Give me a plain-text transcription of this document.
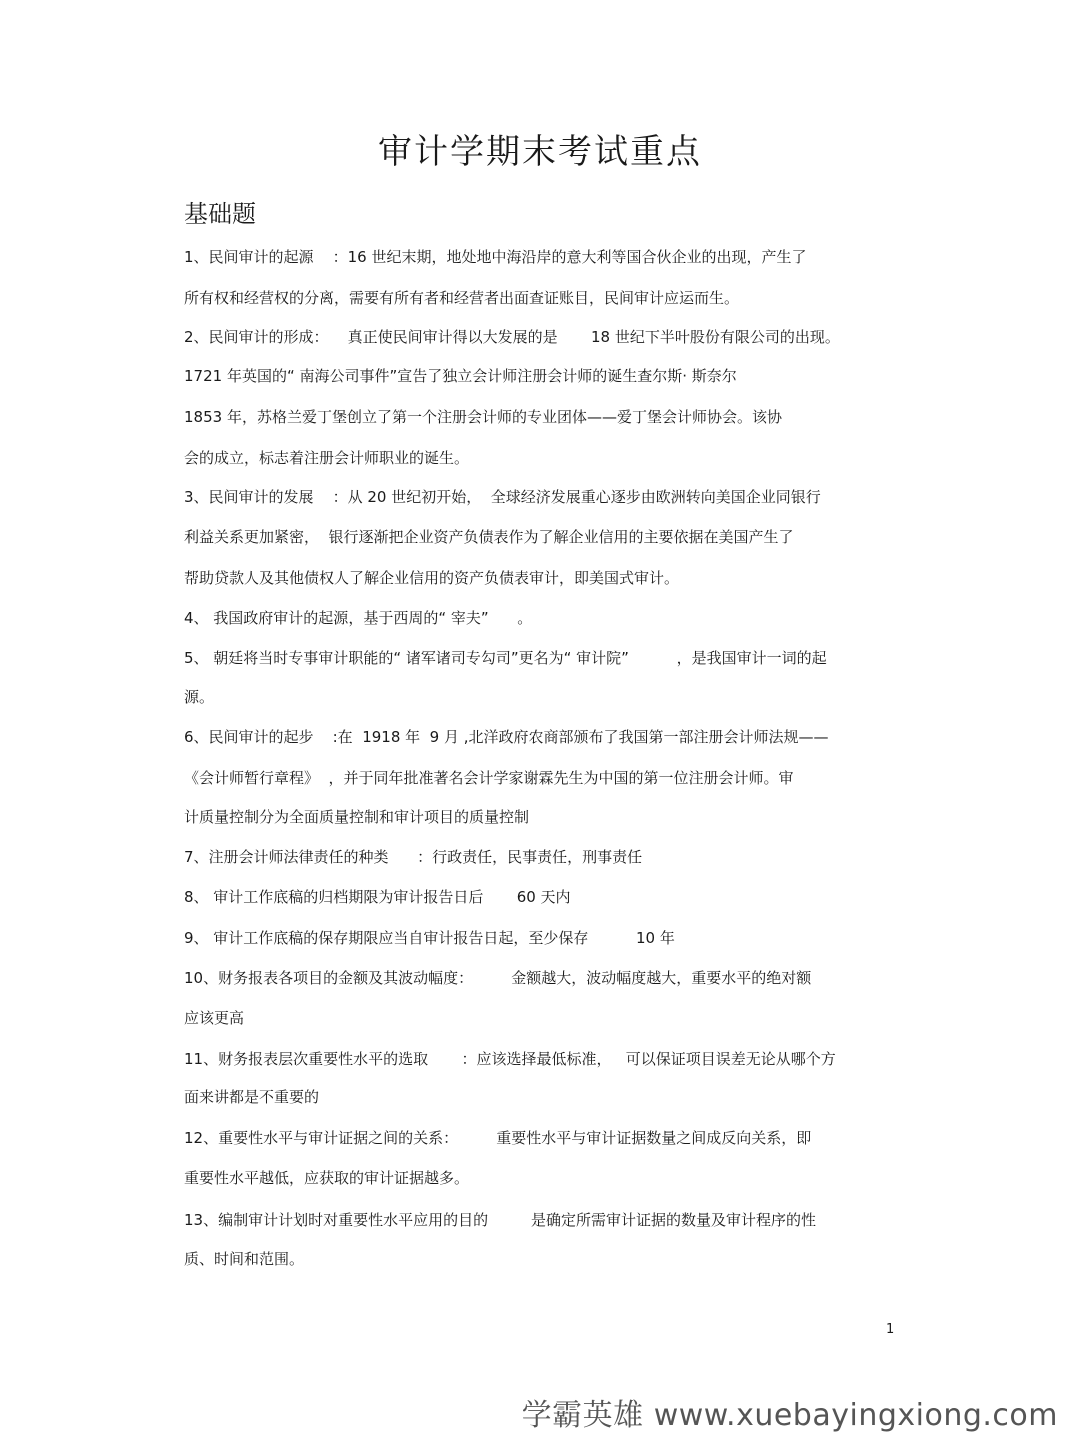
审计学期末考试重点
基础题
1、民间审计的起源    ：16 世纪末期，地处地中海沿岸的意大利等国合伙企业的出现，产生了
所有权和经营权的分离，需要有所有者和经营者出面查证账目，民间审计应运而生。
2、民间审计的形成：    真正使民间审计得以大发展的是       18 世纪下半叶股份有限公司的出现。
1721 年英国的“ 南海公司事件”宣告了独立会计师注册会计师的诞生查尔斯· 斯奈尔
1853 年，苏格兰爱丁堡创立了第一个注册会计师的专业团体——爱丁堡会计师协会。该协
会的成立，标志着注册会计师职业的诞生。
3、民间审计的发展    ：从 20 世纪初开始，  全球经济发展重心逐步由欧洲转向美国企业同银行
利益关系更加紧密，  银行逐渐把企业资产负债表作为了解企业信用的主要依据在美国产生了
帮助贷款人及其他债权人了解企业信用的资产负债表审计，即美国式审计。
4、 我国政府审计的起源，基于西周的“ 宰夫”      。
5、 朝廷将当时专事审计职能的“ 诸军诸司专勾司”更名为“ 审计院”          ，是我国审计一词的起
源。
6、民间审计的起步    :在  1918 年  9 月 ,北洋政府农商部颁布了我国第一部注册会计师法规——
《会计师暂行章程》  ，并于同年批准著名会计学家谢霖先生为中国的第一位注册会计师。审
计质量控制分为全面质量控制和审计项目的质量控制
7、注册会计师法律责任的种类      ：行政责任，民事责任，刑事责任
8、 审计工作底稿的归档期限为审计报告日后       60 天内
9、 审计工作底稿的保存期限应当自审计报告日起，至少保存          10 年
10、财务报表各项目的金额及其波动幅度：        金额越大，波动幅度越大，重要水平的绝对额
应该更高
11、财务报表层次重要性水平的选取       ：应该选择最低标准，   可以保证项目误差无论从哪个方
面来讲都是不重要的
12、重要性水平与审计证据之间的关系：        重要性水平与审计证据数量之间成反向关系，即
重要性水平越低，应获取的审计证据越多。
13、编制审计计划时对重要性水平应用的目的         是确定所需审计证据的数量及审计程序的性
质、时间和范围。
1
学霸英雄 www.xuebayingxiong.com
